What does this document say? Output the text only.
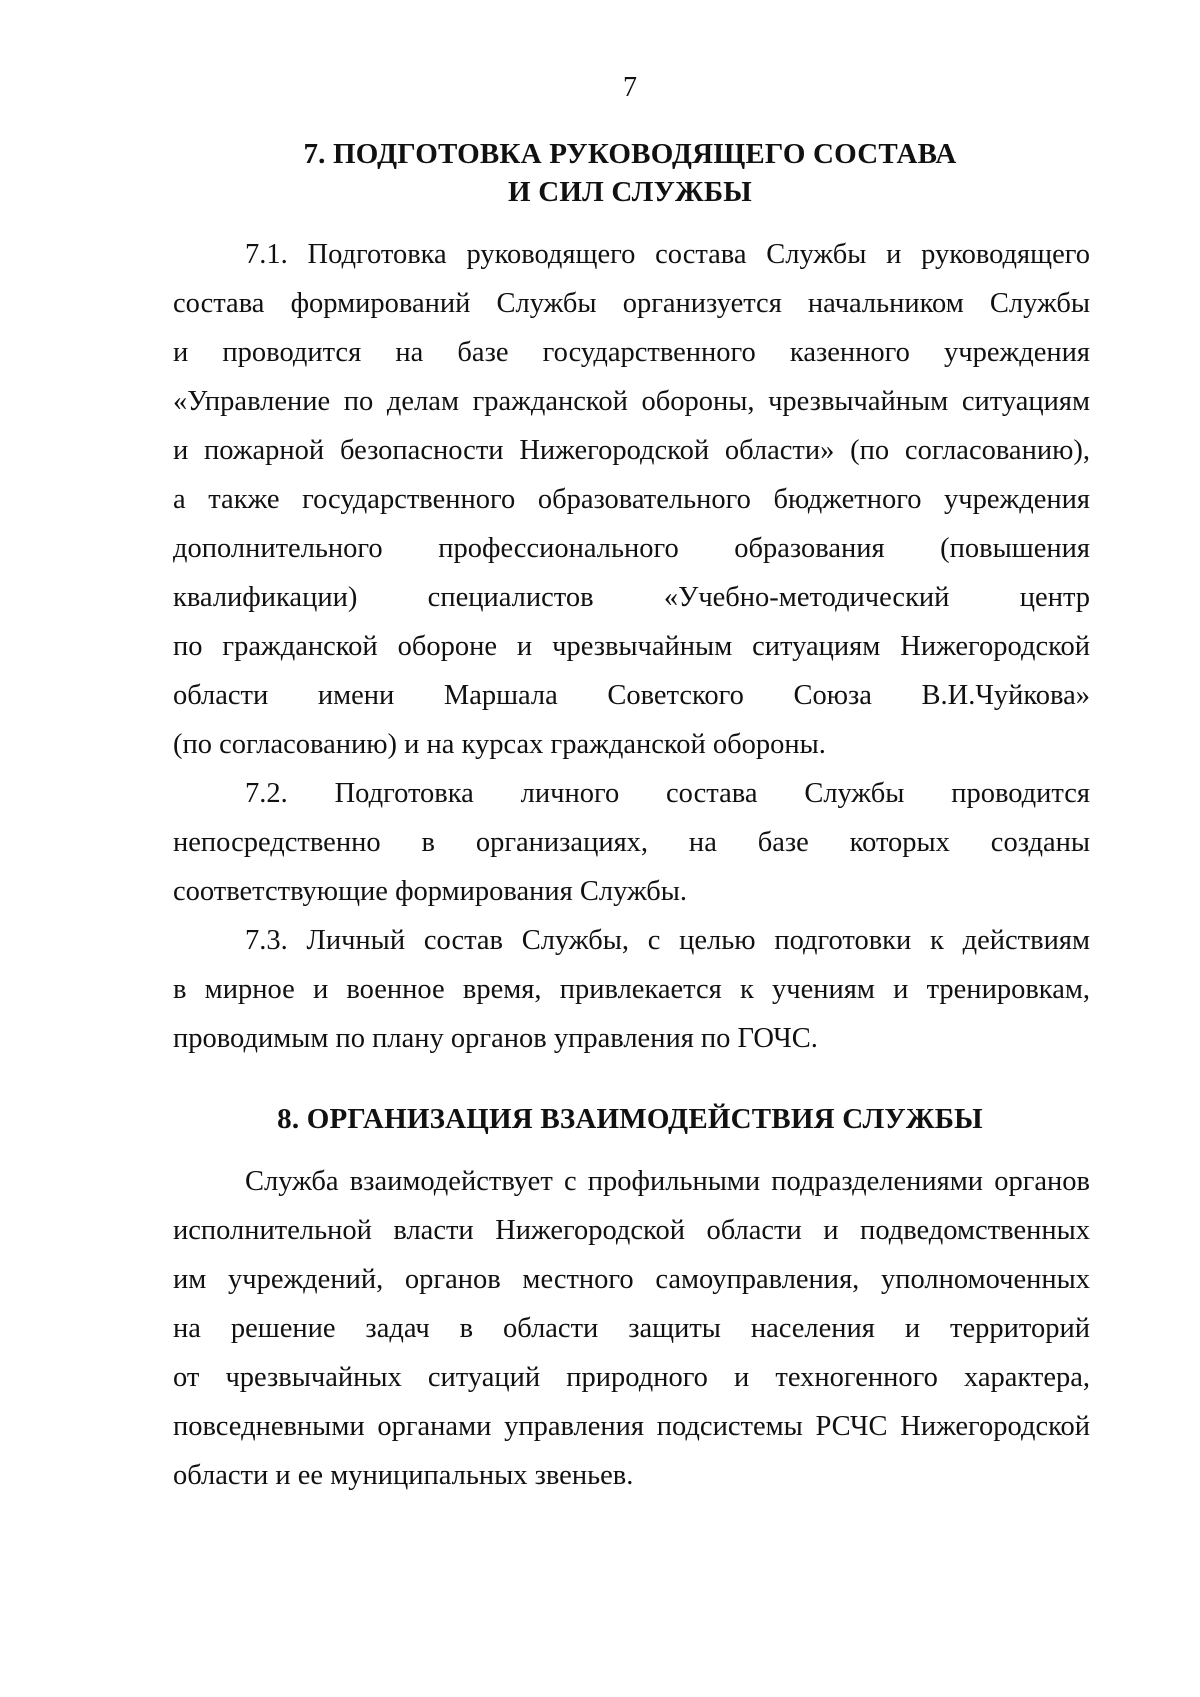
7
7. ПОДГОТОВКА РУКОВОДЯЩЕГО СОСТАВА
И СИЛ СЛУЖБЫ
7.1. Подготовка руководящего состава Службы и руководящего
состава формирований Службы организуется начальником Службы
и проводится на базе государственного казенного учреждения
«Управление по делам гражданской обороны, чрезвычайным ситуациям
и пожарной безопасности Нижегородской области» (по согласованию),
а также государственного образовательного бюджетного учреждения
дополнительного профессионального образования (повышения
квалификации) специалистов «Учебно-методический центр
по гражданской обороне и чрезвычайным ситуациям Нижегородской
области имени Маршала Советского Союза В.И.Чуйкова»
(по согласованию) и на курсах гражданской обороны.
7.2. Подготовка личного состава Службы проводится
непосредственно в организациях, на базе которых созданы
соответствующие формирования Службы.
7.3. Личный состав Службы, с целью подготовки к действиям
в мирное и военное время, привлекается к учениям и тренировкам,
проводимым по плану органов управления по ГОЧС.
8. ОРГАНИЗАЦИЯ ВЗАИМОДЕЙСТВИЯ СЛУЖБЫ
Служба взаимодействует с профильными подразделениями органов
исполнительной власти Нижегородской области и подведомственных
им учреждений, органов местного самоуправления, уполномоченных
на решение задач в области защиты населения и территорий
от чрезвычайных ситуаций природного и техногенного характера,
повседневными органами управления подсистемы РСЧС Нижегородской
области и ее муниципальных звеньев.
